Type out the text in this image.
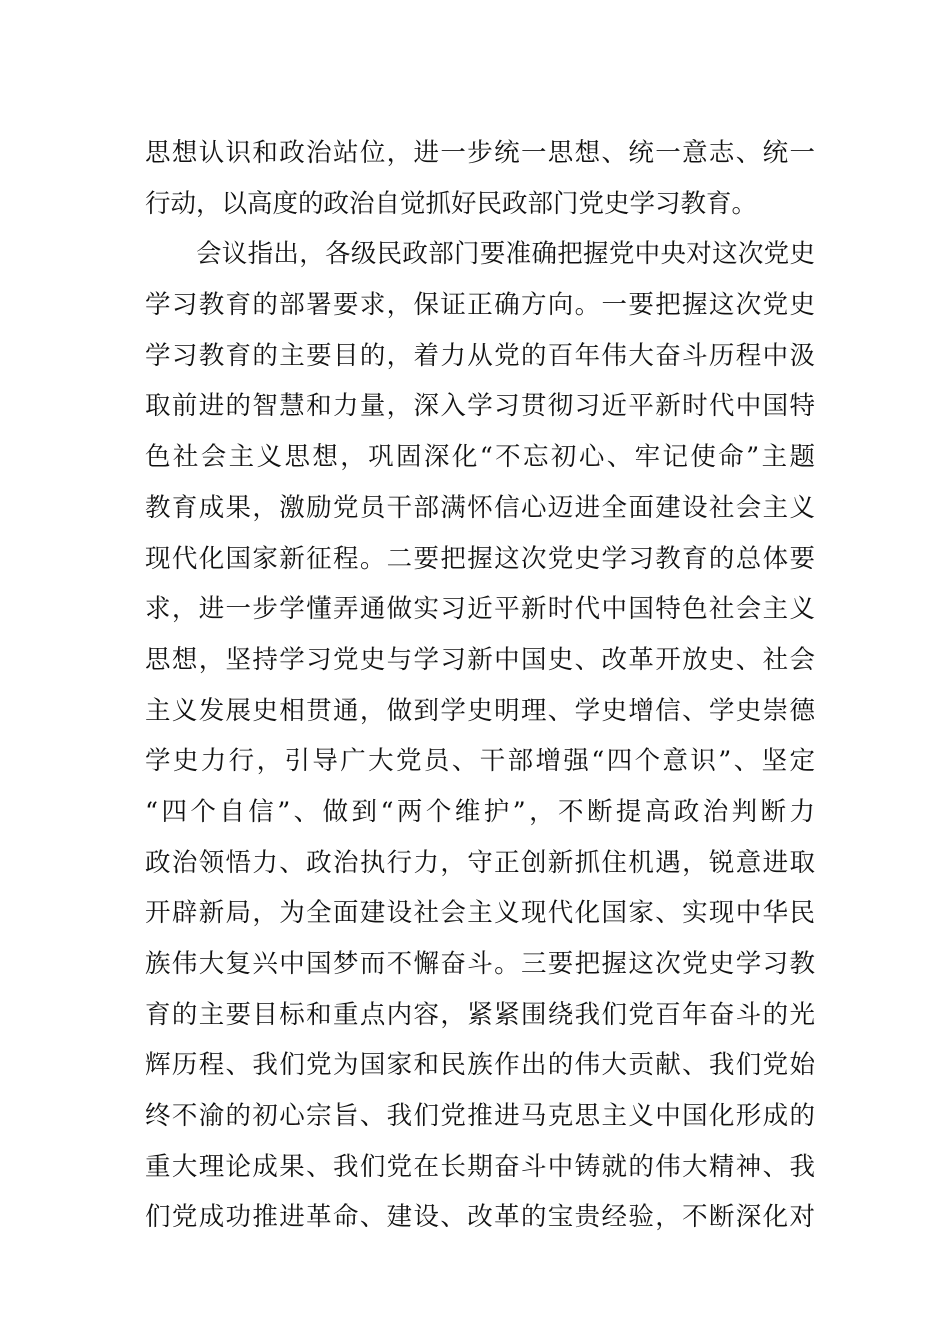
思想认识和政治站位，进一步统一思想、统一意志、统一
行动，以高度的政治自觉抓好民政部门党史学习教育。
会议指出，各级民政部门要准确把握党中央对这次党史
学习教育的部署要求，保证正确方向。一要把握这次党史
学习教育的主要目的，着力从党的百年伟大奋斗历程中汲
取前进的智慧和力量，深入学习贯彻习近平新时代中国特
色社会主义思想，巩固深化“不忘初心、牢记使命”主题
教育成果，激励党员干部满怀信心迈进全面建设社会主义
现代化国家新征程。二要把握这次党史学习教育的总体要
求，进一步学懂弄通做实习近平新时代中国特色社会主义
思想，坚持学习党史与学习新中国史、改革开放史、社会
主义发展史相贯通，做到学史明理、学史增信、学史崇德
学史力行，引导广大党员、干部增强“四个意识”、坚定
“四个自信”、做到“两个维护”，不断提高政治判断力
政治领悟力、政治执行力，守正创新抓住机遇，锐意进取
开辟新局，为全面建设社会主义现代化国家、实现中华民
族伟大复兴中国梦而不懈奋斗。三要把握这次党史学习教
育的主要目标和重点内容，紧紧围绕我们党百年奋斗的光
辉历程、我们党为国家和民族作出的伟大贡献、我们党始
终不渝的初心宗旨、我们党推进马克思主义中国化形成的
重大理论成果、我们党在长期奋斗中铸就的伟大精神、我
们党成功推进革命、建设、改革的宝贵经验，不断深化对
